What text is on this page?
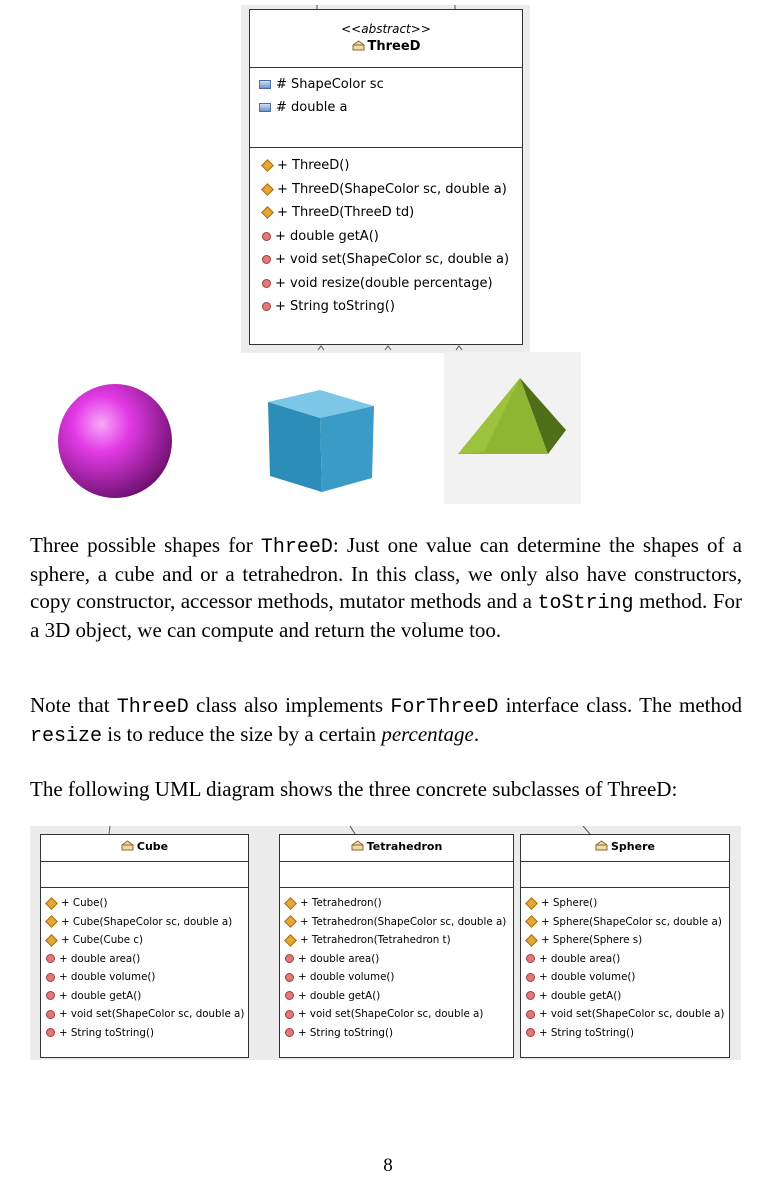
<<abstract>>
ThreeD
# ShapeColor sc
# double a
+ ThreeD()
+ ThreeD(ShapeColor sc, double a)
+ ThreeD(ThreeD td)
+ double getA()
+ void set(ShapeColor sc, double a)
+ void resize(double percentage)
+ String toString()
Three possible shapes for ThreeD: Just one value can determine the shapes of a sphere, a cube and or a tetrahedron. In this class, we only also have constructors, copy constructor, accessor methods, mutator methods and a toString method. For a 3D object, we can compute and return the volume too.
Note that ThreeD class also implements ForThreeD interface class. The method resize is to reduce the size by a certain percentage.
The following UML diagram shows the three concrete subclasses of ThreeD:
Cube
+ Cube()
+ Cube(ShapeColor sc, double a)
+ Cube(Cube c)
+ double area()
+ double volume()
+ double getA()
+ void set(ShapeColor sc, double a)
+ String toString()
Tetrahedron
+ Tetrahedron()
+ Tetrahedron(ShapeColor sc, double a)
+ Tetrahedron(Tetrahedron t)
+ double area()
+ double volume()
+ double getA()
+ void set(ShapeColor sc, double a)
+ String toString()
Sphere
+ Sphere()
+ Sphere(ShapeColor sc, double a)
+ Sphere(Sphere s)
+ double area()
+ double volume()
+ double getA()
+ void set(ShapeColor sc, double a)
+ String toString()
8
